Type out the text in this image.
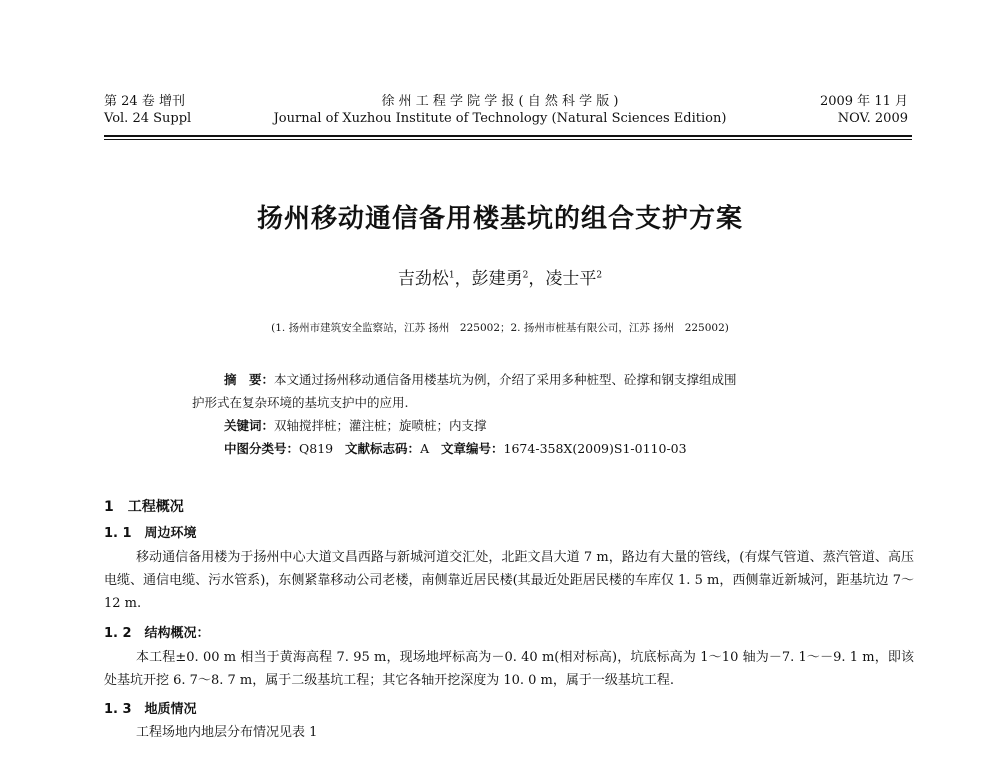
第 24 卷 增刊
Vol. 24 Suppl
徐 州 工 程 学 院 学 报 ( 自 然 科 学 版 )
Journal of Xuzhou Institute of Technology (Natural Sciences Edition)
2009 年 11 月
NOV. 2009
扬州移动通信备用楼基坑的组合支护方案
吉劲松$^1$，彭建勇$^2$，凌士平$^2$
(1. 扬州市建筑安全监察站，江苏 扬州　225002；2. 扬州市桩基有限公司，江苏 扬州　225002)

摘　要：本文通过扬州移动通信备用楼基坑为例，介绍了采用多种桩型、砼撑和钢支撑组成围

护形式在复杂环境的基坑支护中的应用.

关键词：双轴搅拌桩；灌注桩；旋喷桩；内支撑

中图分类号：Q819 文献标志码：A 文章编号：1674-358X(2009)S1-0110-03

1　工程概况
1. 1　周边环境

移动通信备用楼为于扬州中心大道文昌西路与新城河道交汇处，北距文昌大道 7 m，路边有大量的管线，(有煤气管道、蒸汽管道、高压电缆、通信电缆、污水管系)，东侧紧靠移动公司老楼，南侧靠近居民楼(其最近处距居民楼的车库仅 1. 5 m，西侧靠近新城河，距基坑边 7～12 m.

1. 2　结构概况：

本工程±0. 00 m 相当于黄海高程 7. 95 m，现场地坪标高为－0. 40 m(相对标高)，坑底标高为 1～10 轴为－7. 1～－9. 1 m，即该处基坑开挖 6. 7～8. 7 m，属于二级基坑工程；其它各轴开挖深度为 10. 0 m，属于一级基坑工程.

1. 3　地质情况

工程场地内地层分布情况见表 1
